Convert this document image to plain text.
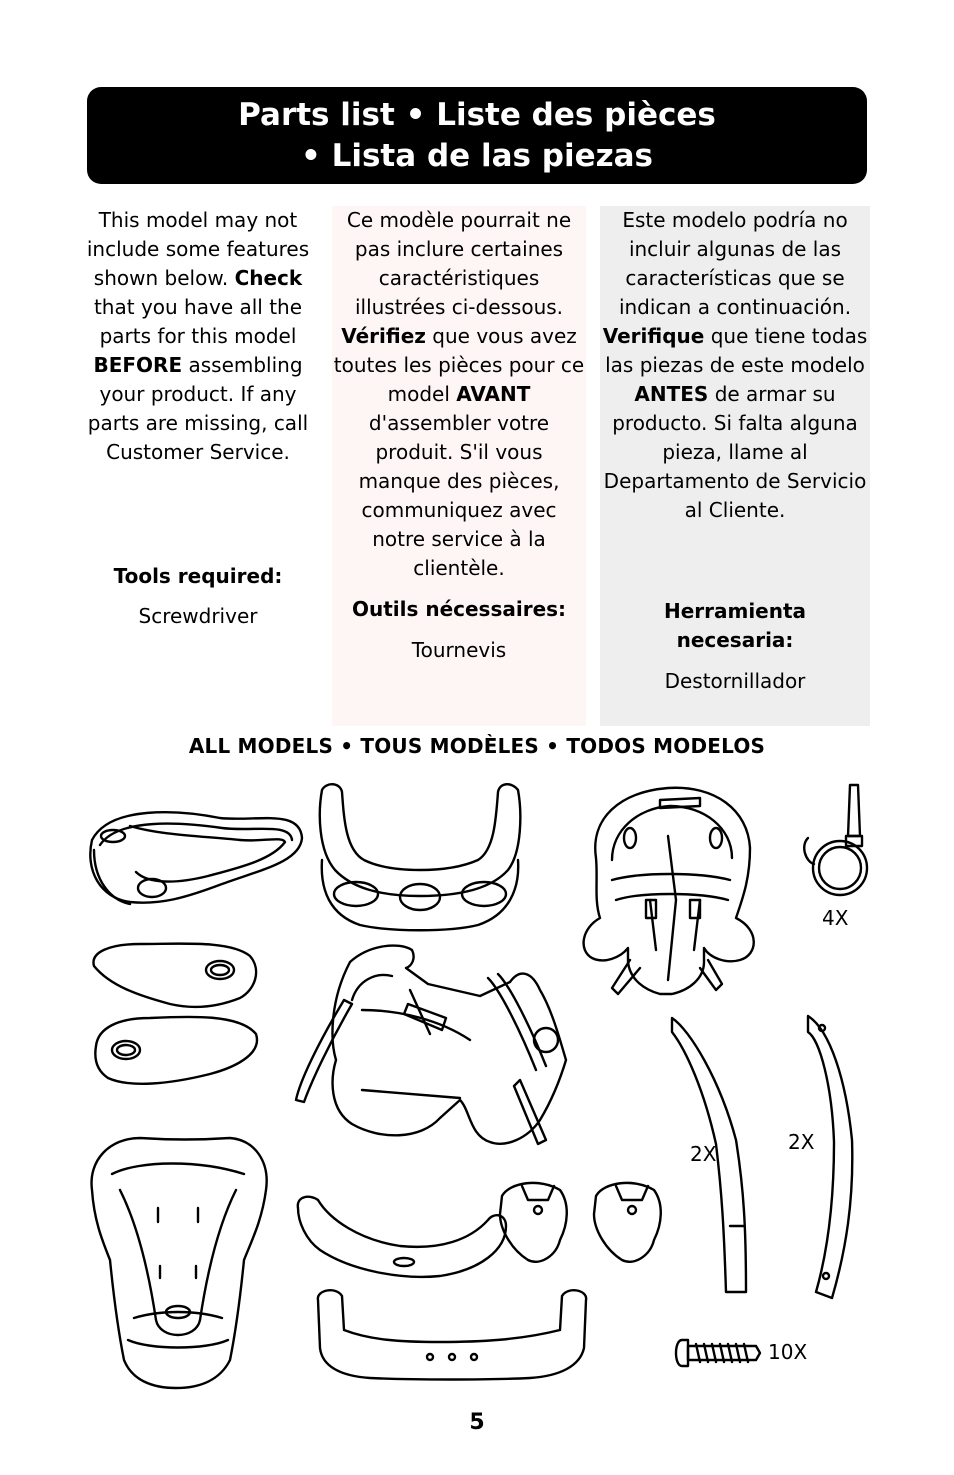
Parts list • Liste des pièces
• Lista de las piezas

This model may not include some features shown below. Check that you have all the parts for this model BEFORE assembling your product. If any parts are missing, call Customer Service.

Tools required:
Screwdriver

Ce modèle pourrait ne pas inclure certaines caractéristiques illustrées ci-dessous. Vérifiez que vous avez toutes les pièces pour ce model AVANT d'assembler votre produit. S'il vous manque des pièces, communiquez avec notre service à la clientèle.

Outils nécessaires:
Tournevis

Este modelo podría no incluir algunas de las características que se indican a continuación. Verifique que tiene todas las piezas de este modelo ANTES de armar su producto. Si falta alguna pieza, llame al Departamento de Servicio al Cliente.

Herramienta necesaria:
Destornillador
ALL MODELS • TOUS MODÈLES • TODOS MODELOS
4X
2X	2X
10X
5
